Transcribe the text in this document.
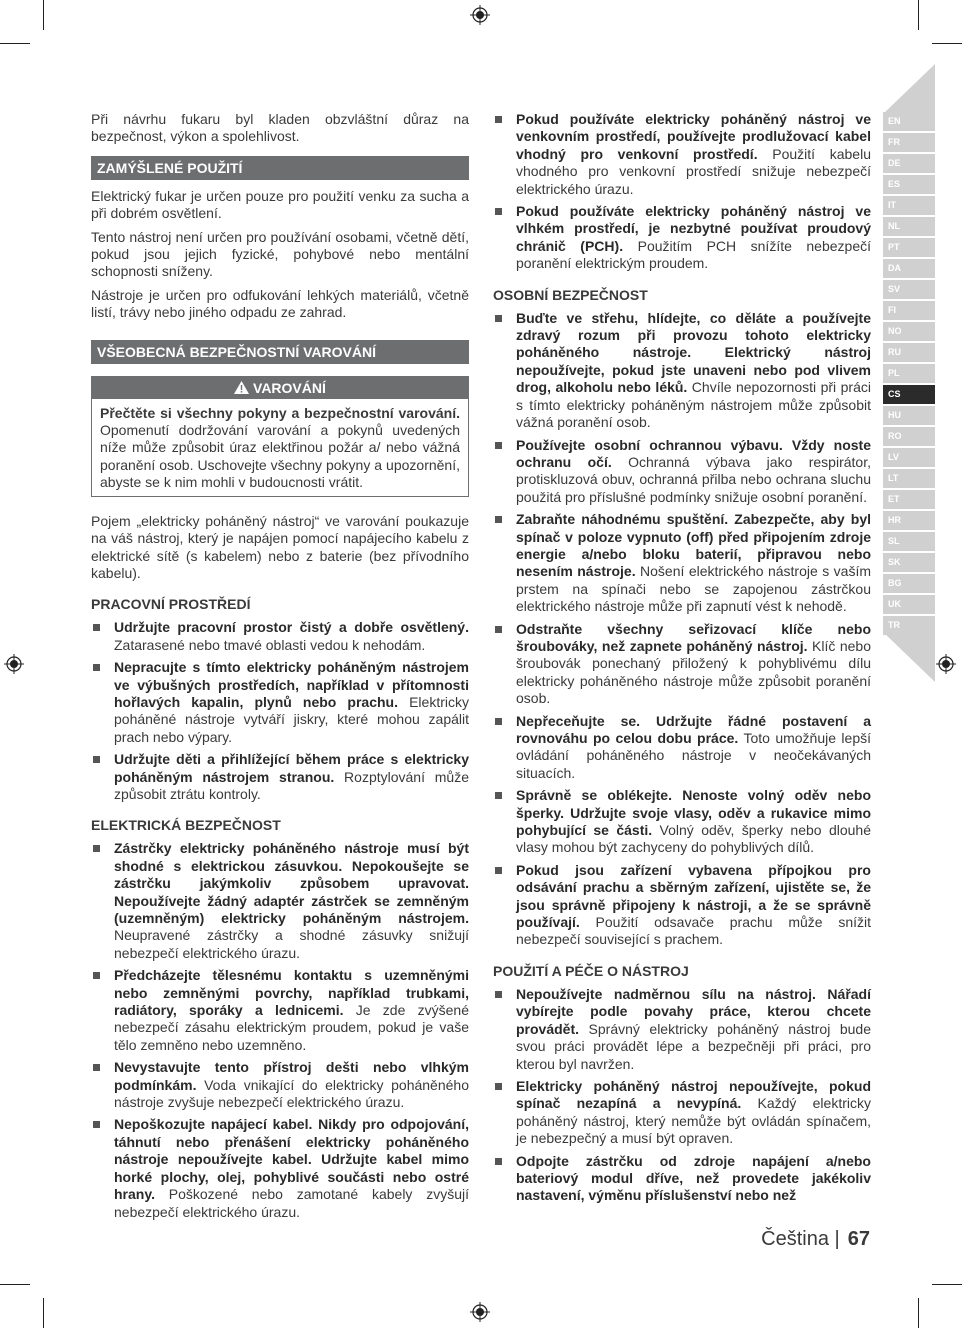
EN
FR
DE
ES
IT
NL
PT
DA
SV
FI
NO
RU
PL
CS
HU
RO
LV
LT
ET
HR
SL
SK
BG
UK
TR

Při návrhu fukaru byl kladen obzvláštní důraz na bezpečnost, výkon a spolehlivost.

ZAMÝŠLENÉ POUŽITÍ

Elektrický fukar je určen pouze pro použití venku za sucha a při dobrém osvětlení.

Tento nástroj není určen pro používání osobami, včetně dětí, pokud jsou jejich fyzické, pohybové nebo mentální schopnosti sníženy.

Nástroje je určen pro odfukování lehkých materiálů, včetně listí, trávy nebo jiného odpadu ze zahrad.

VŠEOBECNÁ BEZPEČNOSTNÍ VAROVÁNÍ
VAROVÁNÍ

Přečtěte si všechny pokyny a bezpečnostní varování. Opomenutí dodržování varování a pokynů uvedených níže může způsobit úraz elektřinou požár a/ nebo vážná poranění osob. Uschovejte všechny pokyny a upozornění, abyste se k nim mohli v budoucnosti vrátit.

Pojem „elektricky poháněný nástroj“ ve varování poukazuje na váš nástroj, který je napájen pomocí napájecího kabelu z elektrické sítě (s kabelem) nebo z baterie (bez přívodního kabelu).

PRACOVNÍ PROSTŘEDÍ
Udržujte pracovní prostor čistý a dobře osvětlený. Zatarasené nebo tmavé oblasti vedou k nehodám.
Nepracujte s tímto elektricky poháněným nástrojem ve výbušných prostředích, například v přítomnosti hořlavých kapalin, plynů nebo prachu. Elektricky poháněné nástroje vytváří jiskry, které mohou zapálit prach nebo výpary.
Udržujte děti a přihlížející během práce s elektricky poháněným nástrojem stranou. Rozptylování může způsobit ztrátu kontroly.
ELEKTRICKÁ BEZPEČNOST
Zástrčky elektricky poháněného nástroje musí být shodné s elektrickou zásuvkou. Nepokoušejte se zástrčku jakýmkoliv způsobem upravovat. Nepoužívejte žádný adaptér zástrček se zemněným (uzemněným) elektricky poháněným nástrojem. Neupravené zástrčky a shodné zásuvky snižují nebezpečí elektrického úrazu.
Předcházejte tělesnému kontaktu s uzemněnými nebo zemněnými povrchy, například trubkami, radiátory, sporáky a lednicemi. Je zde zvýšené nebezpečí zásahu elektrickým proudem, pokud je vaše tělo zemněno nebo uzemněno.
Nevystavujte tento přístroj dešti nebo vlhkým podmínkám. Voda vnikající do elektricky poháněného nástroje zvyšuje nebezpečí elektrického úrazu.
Nepoškozujte napájecí kabel. Nikdy pro odpojování, táhnutí nebo přenášení elektricky poháněného nástroje nepoužívejte kabel. Udržujte kabel mimo horké plochy, olej, pohyblivé součásti nebo ostré hrany. Poškozené nebo zamotané kabely zvyšují nebezpečí elektrického úrazu.
Pokud používáte elektricky poháněný nástroj ve venkovním prostředí, používejte prodlužovací kabel vhodný pro venkovní prostředí. Použití kabelu vhodného pro venkovní prostředí snižuje nebezpečí elektrického úrazu.
Pokud používáte elektricky poháněný nástroj ve vlhkém prostředí, je nezbytné používat proudový chránič (PCH). Použitím PCH snížíte nebezpečí poranění elektrickým proudem.
OSOBNÍ BEZPEČNOST
Buďte ve střehu, hlídejte, co děláte a používejte zdravý rozum při provozu tohoto elektricky poháněného nástroje. Elektrický nástroj nepoužívejte, pokud jste unaveni nebo pod vlivem drog, alkoholu nebo léků. Chvíle nepozornosti při práci s tímto elektricky poháněným nástrojem může způsobit vážná poranění osob.
Používejte osobní ochrannou výbavu. Vždy noste ochranu očí. Ochranná výbava jako respirátor, protiskluzová obuv, ochranná přilba nebo ochrana sluchu použitá pro příslušné podmínky snižuje osobní poranění.
Zabraňte náhodnému spuštění. Zabezpečte, aby byl spínač v poloze vypnuto (off) před připojením zdroje energie a/nebo bloku baterií, připravou nebo nesením nástroje. Nošení elektrického nástroje s vaším prstem na spínači nebo se zapojenou zástrčkou elektrického nástroje může při zapnutí vést k nehodě.
Odstraňte všechny seřizovací klíče nebo šroubováky, než zapnete poháněný nástroj. Klíč nebo šroubovák ponechaný přiložený k pohyblivému dílu elektricky poháněného nástroje může způsobit poranění osob.
Nepřeceňujte se. Udržujte řádné postavení a rovnováhu po celou dobu práce. Toto umožňuje lepší ovládání poháněného nástroje v neočekávaných situacích.
Správně se oblékejte. Nenoste volný oděv nebo šperky. Udržujte svoje vlasy, oděv a rukavice mimo pohybující se části. Volný oděv, šperky nebo dlouhé vlasy mohou být zachyceny do pohyblivých dílů.
Pokud jsou zařízení vybavena přípojkou pro odsávání prachu a sběrným zařízení, ujistěte se, že jsou správně připojeny k nástroji, a že se správně používají. Použití odsavače prachu může snížit nebezpečí související s prachem.
POUŽITÍ A PÉČE O NÁSTROJ
Nepoužívejte nadměrnou sílu na nástroj. Nářadí vybírejte podle povahy práce, kterou chcete provádět. Správný elektricky poháněný nástroj bude svou práci provádět lépe a bezpečněji při práci, pro kterou byl navržen.
Elektricky poháněný nástroj nepoužívejte, pokud spínač nezapíná a nevypíná. Každý elektricky poháněný nástroj, který nemůže být ovládán spínačem, je nebezpečný a musí být opraven.
Odpojte zástrčku od zdroje napájení a/nebo bateriový modul dříve, než provedete jakékoliv nastavení, výměnu příslušenství nebo než
Čeština | 67
